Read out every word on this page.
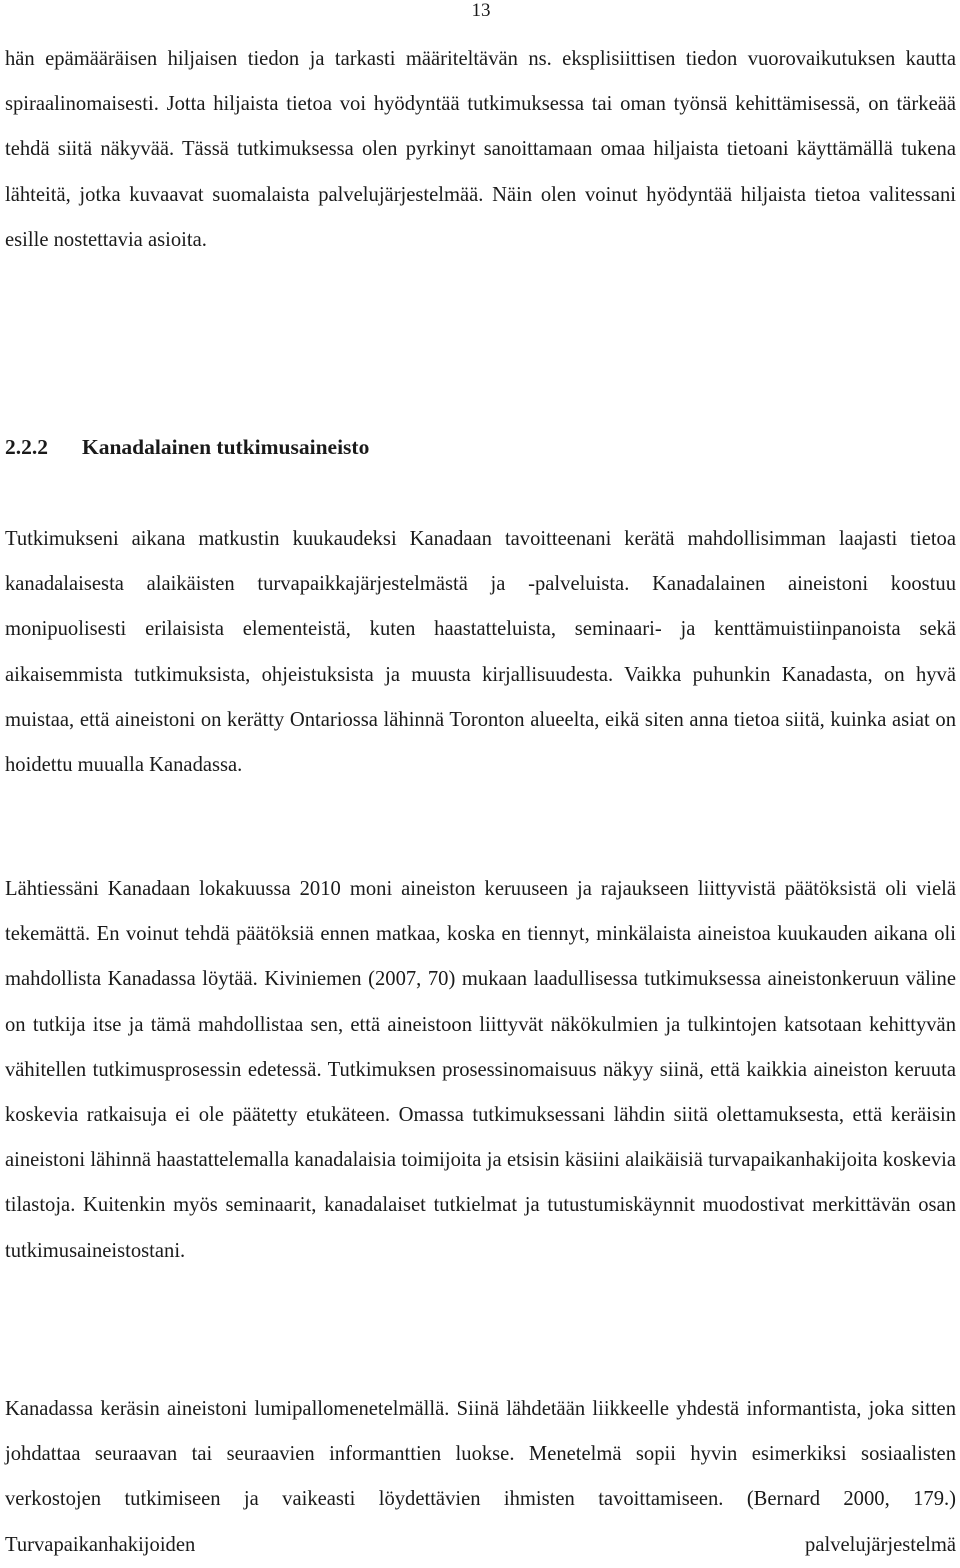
13

hän epämääräisen hiljaisen tiedon ja tarkasti määriteltävän ns. eksplisiittisen tiedon vuorovaikutuksen kautta spiraalinomaisesti. Jotta hiljaista tietoa voi hyödyntää tutkimuksessa tai oman työnsä kehittämisessä, on tärkeää tehdä siitä näkyvää. Tässä tutkimuksessa olen pyrkinyt sanoittamaan omaa hiljaista tietoani käyttämällä tukena lähteitä, jotka kuvaavat suomalaista palvelujärjestelmää. Näin olen voinut hyödyntää hiljaista tietoa valitessani esille nostettavia asioita.

2.2.2 Kanadalainen tutkimusaineisto

Tutkimukseni aikana matkustin kuukaudeksi Kanadaan tavoitteenani kerätä mahdollisimman laajasti tietoa kanadalaisesta alaikäisten turvapaikkajärjestelmästä ja -palveluista. Kanadalainen aineistoni koostuu monipuolisesti erilaisista elementeistä, kuten haastatteluista, seminaari- ja kenttämuistiinpanoista sekä aikaisemmista tutkimuksista, ohjeistuksista ja muusta kirjallisuudesta. Vaikka puhunkin Kanadasta, on hyvä muistaa, että aineistoni on kerätty Ontariossa lähinnä Toronton alueelta, eikä siten anna tietoa siitä, kuinka asiat on hoidettu muualla Kanadassa.

Lähtiessäni Kanadaan lokakuussa 2010 moni aineiston keruuseen ja rajaukseen liittyvistä päätöksistä oli vielä tekemättä. En voinut tehdä päätöksiä ennen matkaa, koska en tiennyt, minkälaista aineistoa kuukauden aikana oli mahdollista Kanadassa löytää. Kiviniemen (2007, 70) mukaan laadullisessa tutkimuksessa aineistonkeruun väline on tutkija itse ja tämä mahdollistaa sen, että aineistoon liittyvät näkökulmien ja tulkintojen katsotaan kehittyvän vähitellen tutkimusprosessin edetessä. Tutkimuksen prosessinomaisuus näkyy siinä, että kaikkia aineiston keruuta koskevia ratkaisuja ei ole päätetty etukäteen. Omassa tutkimuksessani lähdin siitä olettamuksesta, että keräisin aineistoni lähinnä haastattelemalla kanadalaisia toimijoita ja etsisin käsiini alaikäisiä turvapaikanhakijoita koskevia tilastoja. Kuitenkin myös seminaarit, kanadalaiset tutkielmat ja tutustumiskäynnit muodostivat merkittävän osan tutkimusaineistostani.

Kanadassa keräsin aineistoni lumipallomenetelmällä. Siinä lähdetään liikkeelle yhdestä informantista, joka sitten johdattaa seuraavan tai seuraavien informanttien luokse. Menetelmä sopii hyvin esimerkiksi sosiaalisten verkostojen tutkimiseen ja vaikeasti löydettävien ihmisten tavoittamiseen. (Bernard 2000, 179.) Turvapaikanhakijoiden palvelujärjestelmä
